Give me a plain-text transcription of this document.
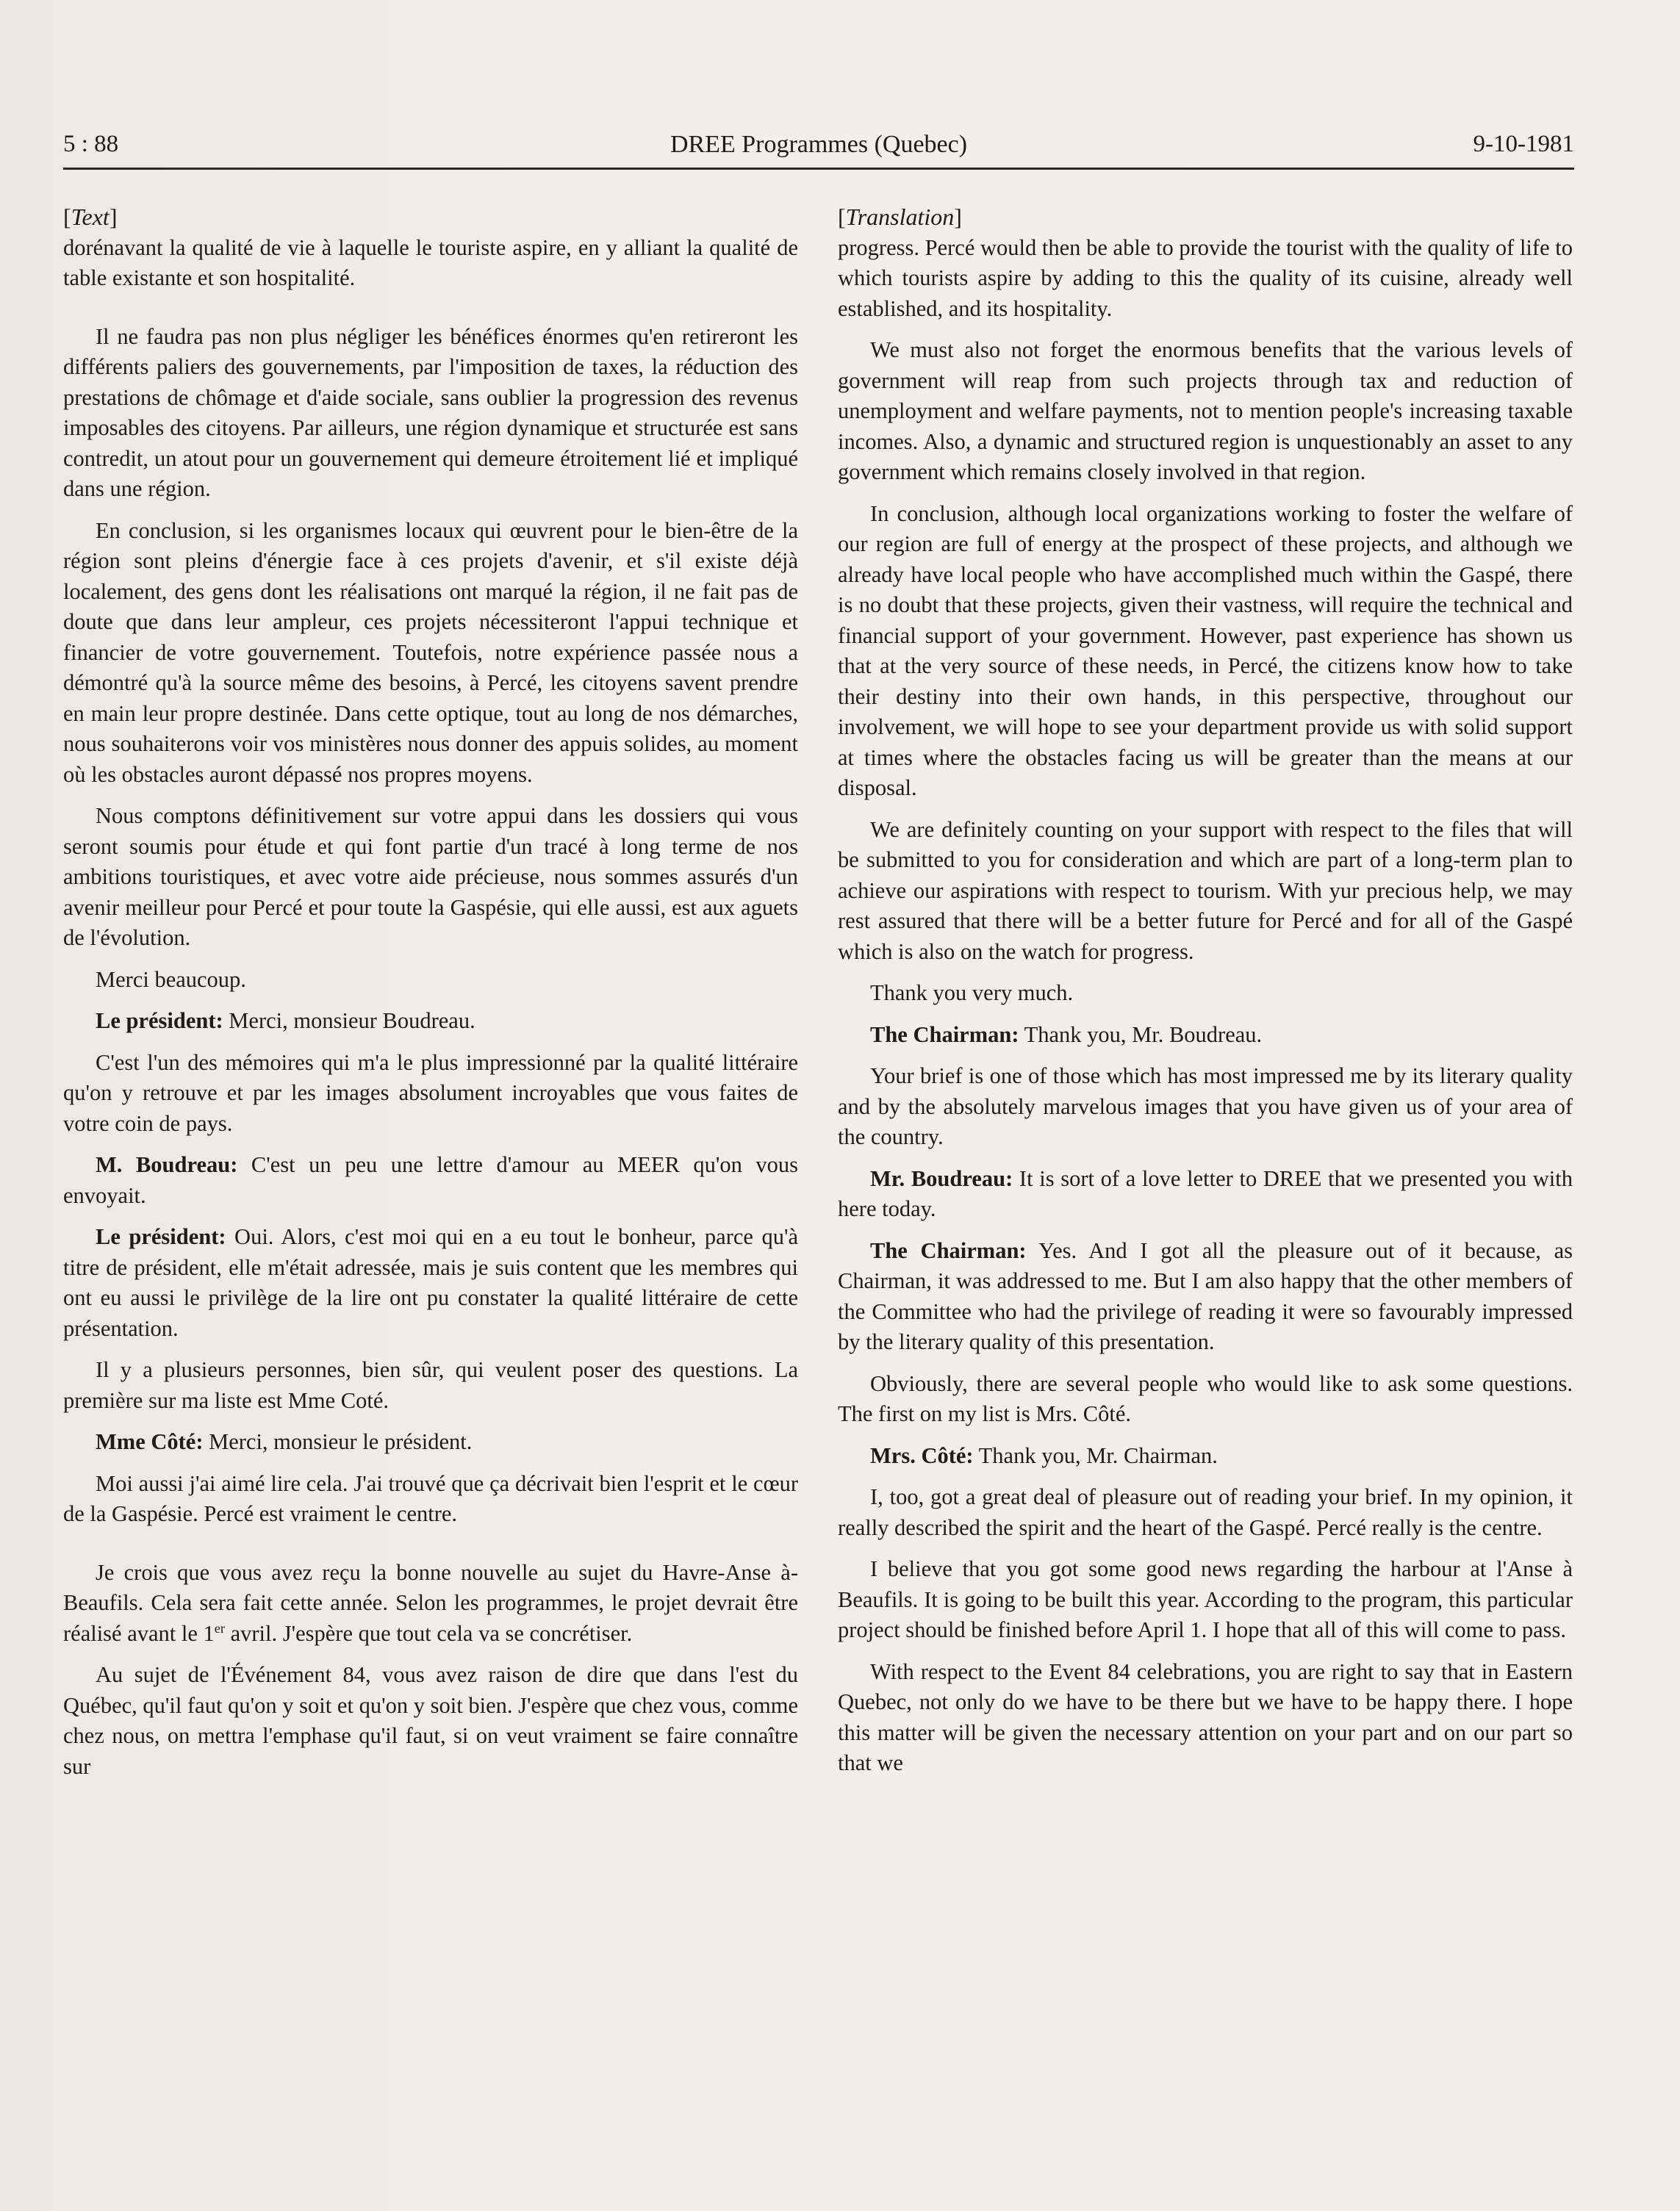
5 : 88	DREE Programmes (Quebec)	9-10-1981
[Text]

dorénavant la qualité de vie à laquelle le touriste aspire, en y alliant la qualité de table existante et son hospitalité.

Il ne faudra pas non plus négliger les bénéfices énormes qu'en retireront les différents paliers des gouvernements, par l'imposition de taxes, la réduction des prestations de chômage et d'aide sociale, sans oublier la progression des revenus imposables des citoyens. Par ailleurs, une région dynamique et structurée est sans contredit, un atout pour un gouvernement qui demeure étroitement lié et impliqué dans une région.

En conclusion, si les organismes locaux qui œuvrent pour le bien-être de la région sont pleins d'énergie face à ces projets d'avenir, et s'il existe déjà localement, des gens dont les réalisations ont marqué la région, il ne fait pas de doute que dans leur ampleur, ces projets nécessiteront l'appui technique et financier de votre gouvernement. Toutefois, notre expérience passée nous a démontré qu'à la source même des besoins, à Percé, les citoyens savent prendre en main leur propre destinée. Dans cette optique, tout au long de nos démarches, nous souhaiterons voir vos ministères nous donner des appuis solides, au moment où les obstacles auront dépassé nos propres moyens.

Nous comptons définitivement sur votre appui dans les dossiers qui vous seront soumis pour étude et qui font partie d'un tracé à long terme de nos ambitions touristiques, et avec votre aide précieuse, nous sommes assurés d'un avenir meilleur pour Percé et pour toute la Gaspésie, qui elle aussi, est aux aguets de l'évolution.

Merci beaucoup.

Le président: Merci, monsieur Boudreau.

C'est l'un des mémoires qui m'a le plus impressionné par la qualité littéraire qu'on y retrouve et par les images absolument incroyables que vous faites de votre coin de pays.

M. Boudreau: C'est un peu une lettre d'amour au MEER qu'on vous envoyait.

Le président: Oui. Alors, c'est moi qui en a eu tout le bonheur, parce qu'à titre de président, elle m'était adressée, mais je suis content que les membres qui ont eu aussi le privilège de la lire ont pu constater la qualité littéraire de cette présentation.

Il y a plusieurs personnes, bien sûr, qui veulent poser des questions. La première sur ma liste est Mme Coté.

Mme Côté: Merci, monsieur le président.

Moi aussi j'ai aimé lire cela. J'ai trouvé que ça décrivait bien l'esprit et le cœur de la Gaspésie. Percé est vraiment le centre.

Je crois que vous avez reçu la bonne nouvelle au sujet du Havre-Anse à-Beaufils. Cela sera fait cette année. Selon les programmes, le projet devrait être réalisé avant le 1er avril. J'espère que tout cela va se concrétiser.

Au sujet de l'Événement 84, vous avez raison de dire que dans l'est du Québec, qu'il faut qu'on y soit et qu'on y soit bien. J'espère que chez vous, comme chez nous, on mettra l'emphase qu'il faut, si on veut vraiment se faire connaître sur

[Translation]

progress. Percé would then be able to provide the tourist with the quality of life to which tourists aspire by adding to this the quality of its cuisine, already well established, and its hospitality.

We must also not forget the enormous benefits that the various levels of government will reap from such projects through tax and reduction of unemployment and welfare payments, not to mention people's increasing taxable incomes. Also, a dynamic and structured region is unquestionably an asset to any government which remains closely involved in that region.

In conclusion, although local organizations working to foster the welfare of our region are full of energy at the prospect of these projects, and although we already have local people who have accomplished much within the Gaspé, there is no doubt that these projects, given their vastness, will require the technical and financial support of your government. However, past experience has shown us that at the very source of these needs, in Percé, the citizens know how to take their destiny into their own hands, in this perspective, throughout our involvement, we will hope to see your department provide us with solid support at times where the obstacles facing us will be greater than the means at our disposal.

We are definitely counting on your support with respect to the files that will be submitted to you for consideration and which are part of a long-term plan to achieve our aspirations with respect to tourism. With yur precious help, we may rest assured that there will be a better future for Percé and for all of the Gaspé which is also on the watch for progress.

Thank you very much.

The Chairman: Thank you, Mr. Boudreau.

Your brief is one of those which has most impressed me by its literary quality and by the absolutely marvelous images that you have given us of your area of the country.

Mr. Boudreau: It is sort of a love letter to DREE that we presented you with here today.

The Chairman: Yes. And I got all the pleasure out of it because, as Chairman, it was addressed to me. But I am also happy that the other members of the Committee who had the privilege of reading it were so favourably impressed by the literary quality of this presentation.

Obviously, there are several people who would like to ask some questions. The first on my list is Mrs. Côté.

Mrs. Côté: Thank you, Mr. Chairman.

I, too, got a great deal of pleasure out of reading your brief. In my opinion, it really described the spirit and the heart of the Gaspé. Percé really is the centre.

I believe that you got some good news regarding the harbour at l'Anse à Beaufils. It is going to be built this year. According to the program, this particular project should be finished before April 1. I hope that all of this will come to pass.

With respect to the Event 84 celebrations, you are right to say that in Eastern Quebec, not only do we have to be there but we have to be happy there. I hope this matter will be given the necessary attention on your part and on our part so that we
